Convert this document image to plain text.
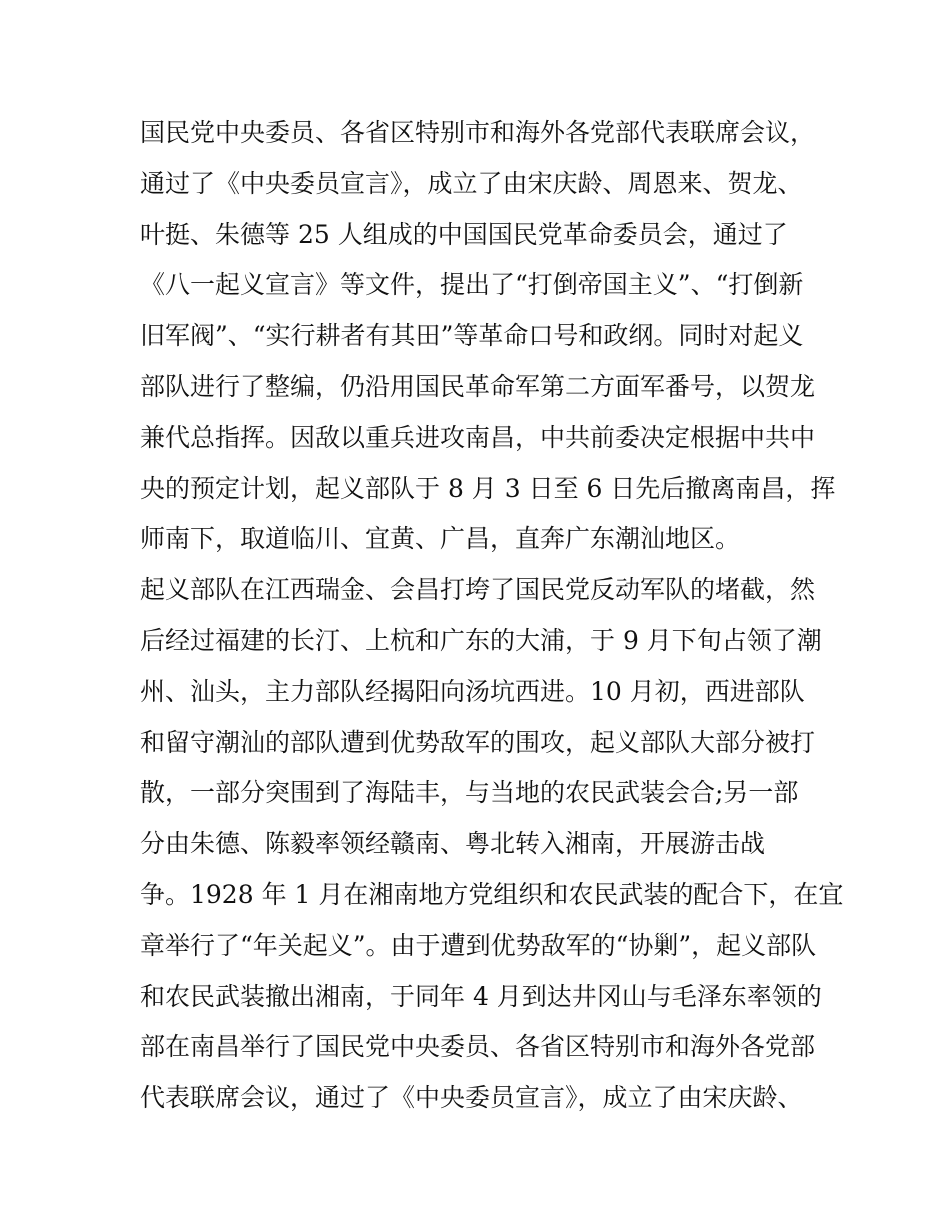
国民党中央委员、各省区特别市和海外各党部代表联席会议，
通过了《中央委员宣言》，成立了由宋庆龄、周恩来、贺龙、
叶挺、朱德等 25 人组成的中国国民党革命委员会，通过了
《八一起义宣言》等文件，提出了“打倒帝国主义”、“打倒新
旧军阀”、“实行耕者有其田”等革命口号和政纲。同时对起义
部队进行了整编，仍沿用国民革命军第二方面军番号，以贺龙
兼代总指挥。因敌以重兵进攻南昌，中共前委决定根据中共中
央的预定计划，起义部队于 8 月 3 日至 6 日先后撤离南昌，挥
师南下，取道临川、宜黄、广昌，直奔广东潮汕地区。
起义部队在江西瑞金、会昌打垮了国民党反动军队的堵截，然
后经过福建的长汀、上杭和广东的大浦，于 9 月下旬占领了潮
州、汕头，主力部队经揭阳向汤坑西进。10 月初，西进部队
和留守潮汕的部队遭到优势敌军的围攻，起义部队大部分被打
散，一部分突围到了海陆丰，与当地的农民武装会合;另一部
分由朱德、陈毅率领经赣南、粤北转入湘南，开展游击战
争。1928 年 1 月在湘南地方党组织和农民武装的配合下，在宜
章举行了“年关起义”。由于遭到优势敌军的“协剿”，起义部队
和农民武装撤出湘南，于同年 4 月到达井冈山与毛泽东率领的
部在南昌举行了国民党中央委员、各省区特别市和海外各党部
代表联席会议，通过了《中央委员宣言》，成立了由宋庆龄、
